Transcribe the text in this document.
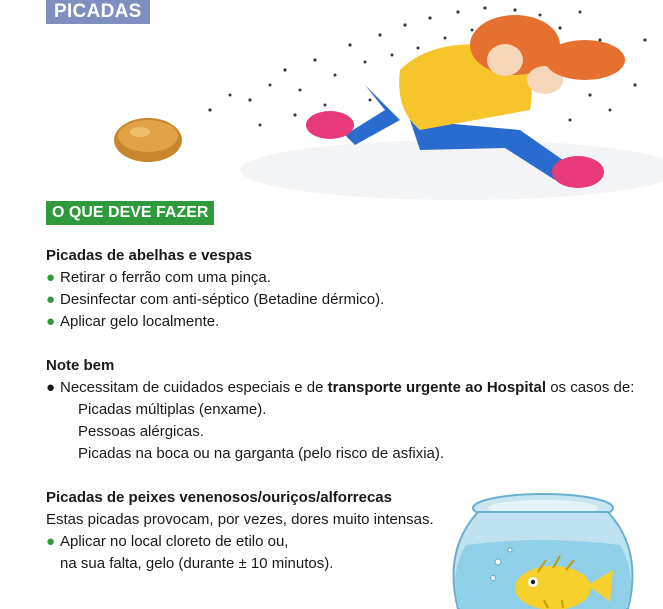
PICADAS
O QUE DEVE FAZER

Picadas de abelhas e vespas

● Retirar o ferrão com uma pinça.

● Desinfectar com anti-séptico (Betadine dérmico).

● Aplicar gelo localmente.

Note bem

● Necessitam de cuidados especiais e de transporte urgente ao Hospital os casos de:

Picadas múltiplas (enxame).

Pessoas alérgicas.

Picadas na boca ou na garganta (pelo risco de asfixia).

Picadas de peixes venenosos/ouriços/alforrecas

Estas picadas provocam, por vezes, dores muito intensas.

● Aplicar no local cloreto de etilo ou,

na sua falta, gelo (durante ± 10 minutos).
